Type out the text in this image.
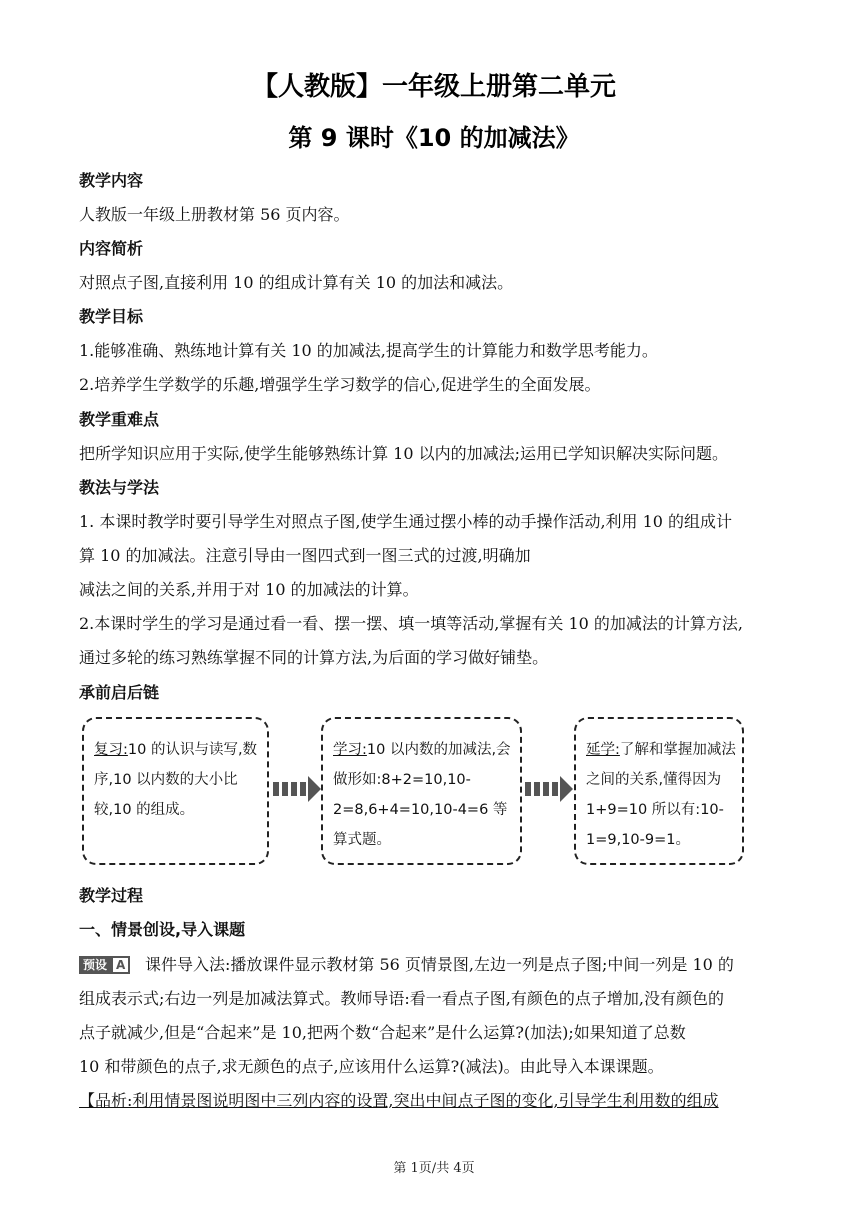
【人教版】一年级上册第二单元
第 9 课时《10 的加减法》
教学内容
人教版一年级上册教材第 56 页内容。
内容简析
对照点子图,直接利用 10 的组成计算有关 10 的加法和减法。
教学目标
1.能够准确、熟练地计算有关 10 的加减法,提高学生的计算能力和数学思考能力。
2.培养学生学数学的乐趣,增强学生学习数学的信心,促进学生的全面发展。
教学重难点
把所学知识应用于实际,使学生能够熟练计算 10 以内的加减法;运用已学知识解决实际问题。
教法与学法
1. 本课时教学时要引导学生对照点子图,使学生通过摆小棒的动手操作活动,利用 10 的组成计
算 10 的加减法。注意引导由一图四式到一图三式的过渡,明确加
减法之间的关系,并用于对 10 的加减法的计算。
2.本课时学生的学习是通过看一看、摆一摆、填一填等活动,掌握有关 10 的加减法的计算方法,
通过多轮的练习熟练掌握不同的计算方法,为后面的学习做好铺垫。
承前启后链
复习:10 的认识与读写,数序,10 以内数的大小比较,10 的组成。
学习:10 以内数的加减法,会做形如:8+2=10,10-2=8,6+4=10,10-4=6 等算式题。
延学:了解和掌握加减法之间的关系,懂得因为 1+9=10 所以有:10-1=9,10-9=1。
教学过程
一、情景创设,导入课题
预设 A	课件导入法:播放课件显示教材第 56 页情景图,左边一列是点子图;中间一列是 10 的
组成表示式;右边一列是加减法算式。教师导语:看一看点子图,有颜色的点子增加,没有颜色的
点子就减少,但是“合起来”是 10,把两个数“合起来”是什么运算?(加法);如果知道了总数
10 和带颜色的点子,求无颜色的点子,应该用什么运算?(减法)。由此导入本课课题。
【品析:利用情景图说明图中三列内容的设置,突出中间点子图的变化,引导学生利用数的组成
第 1页/共 4页
